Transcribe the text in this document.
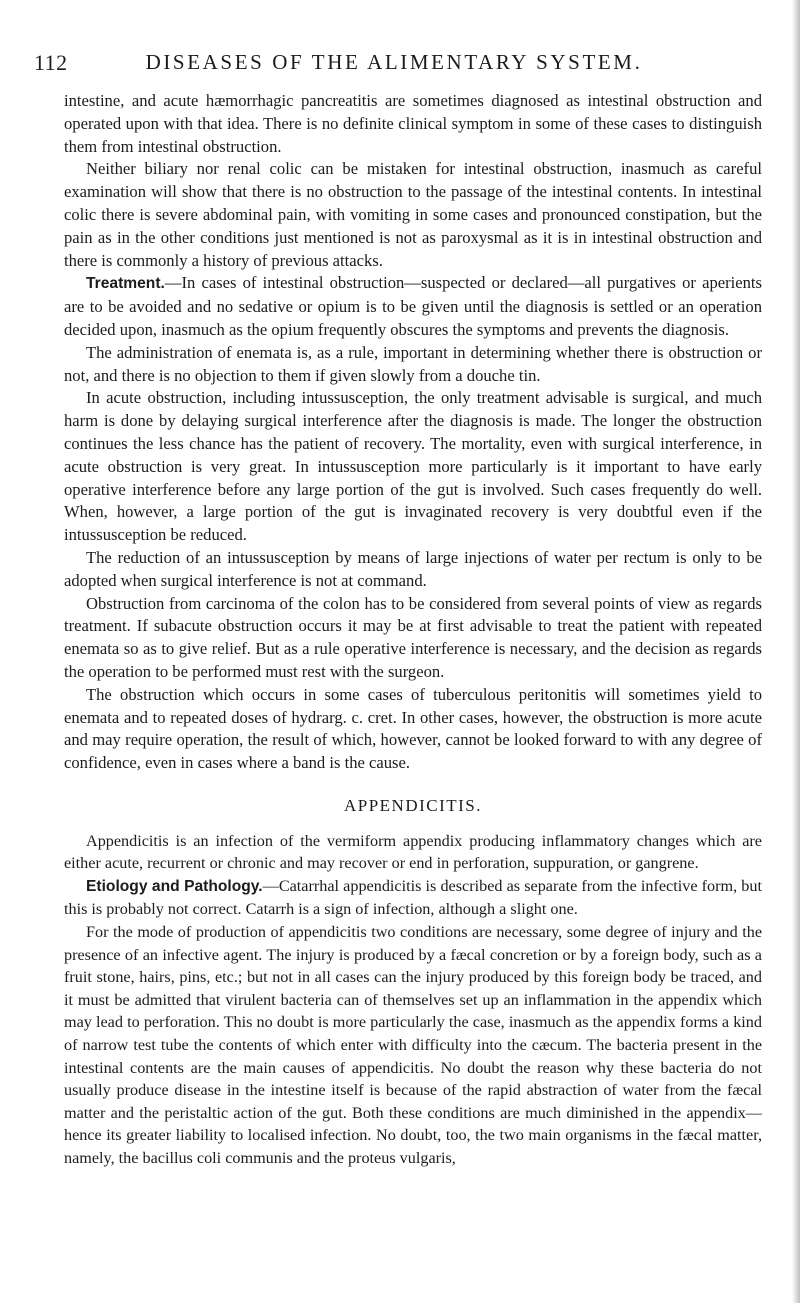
112	DISEASES OF THE ALIMENTARY SYSTEM.

intestine, and acute hæmorrhagic pancreatitis are sometimes diagnosed as intestinal obstruction and operated upon with that idea. There is no definite clinical symptom in some of these cases to distinguish them from intestinal obstruction.

Neither biliary nor renal colic can be mistaken for intestinal obstruction, inasmuch as careful examination will show that there is no obstruction to the passage of the intestinal contents. In intestinal colic there is severe abdominal pain, with vomiting in some cases and pronounced constipation, but the pain as in the other conditions just mentioned is not as paroxysmal as it is in intestinal obstruction and there is commonly a history of previous attacks.

Treatment.—In cases of intestinal obstruction—suspected or declared—all purgatives or aperients are to be avoided and no sedative or opium is to be given until the diagnosis is settled or an operation decided upon, inasmuch as the opium frequently obscures the symptoms and prevents the diagnosis.

The administration of enemata is, as a rule, important in determining whether there is obstruction or not, and there is no objection to them if given slowly from a douche tin.

In acute obstruction, including intussusception, the only treatment advisable is surgical, and much harm is done by delaying surgical interference after the diagnosis is made. The longer the obstruction continues the less chance has the patient of recovery. The mortality, even with surgical interference, in acute obstruction is very great. In intussusception more particularly is it important to have early operative interference before any large portion of the gut is involved. Such cases frequently do well. When, however, a large portion of the gut is invaginated recovery is very doubtful even if the intussusception be reduced.

The reduction of an intussusception by means of large injections of water per rectum is only to be adopted when surgical interference is not at command.

Obstruction from carcinoma of the colon has to be considered from several points of view as regards treatment. If subacute obstruction occurs it may be at first advisable to treat the patient with repeated enemata so as to give relief. But as a rule operative interference is necessary, and the decision as regards the operation to be performed must rest with the surgeon.

The obstruction which occurs in some cases of tuberculous peritonitis will sometimes yield to enemata and to repeated doses of hydrarg. c. cret. In other cases, however, the obstruction is more acute and may require operation, the result of which, however, cannot be looked forward to with any degree of confidence, even in cases where a band is the cause.

APPENDICITIS.

Appendicitis is an infection of the vermiform appendix producing inflammatory changes which are either acute, recurrent or chronic and may recover or end in perforation, suppuration, or gangrene.

Etiology and Pathology.—Catarrhal appendicitis is described as separate from the infective form, but this is probably not correct. Catarrh is a sign of infection, although a slight one.

For the mode of production of appendicitis two conditions are necessary, some degree of injury and the presence of an infective agent. The injury is produced by a fæcal concretion or by a foreign body, such as a fruit stone, hairs, pins, etc.; but not in all cases can the injury produced by this foreign body be traced, and it must be admitted that virulent bacteria can of themselves set up an inflammation in the appendix which may lead to perforation. This no doubt is more particularly the case, inasmuch as the appendix forms a kind of narrow test tube the contents of which enter with difficulty into the cæcum. The bacteria present in the intestinal contents are the main causes of appendicitis. No doubt the reason why these bacteria do not usually produce disease in the intestine itself is because of the rapid abstraction of water from the fæcal matter and the peristaltic action of the gut. Both these conditions are much diminished in the appendix—hence its greater liability to localised infection. No doubt, too, the two main organisms in the fæcal matter, namely, the bacillus coli communis and the proteus vulgaris,
